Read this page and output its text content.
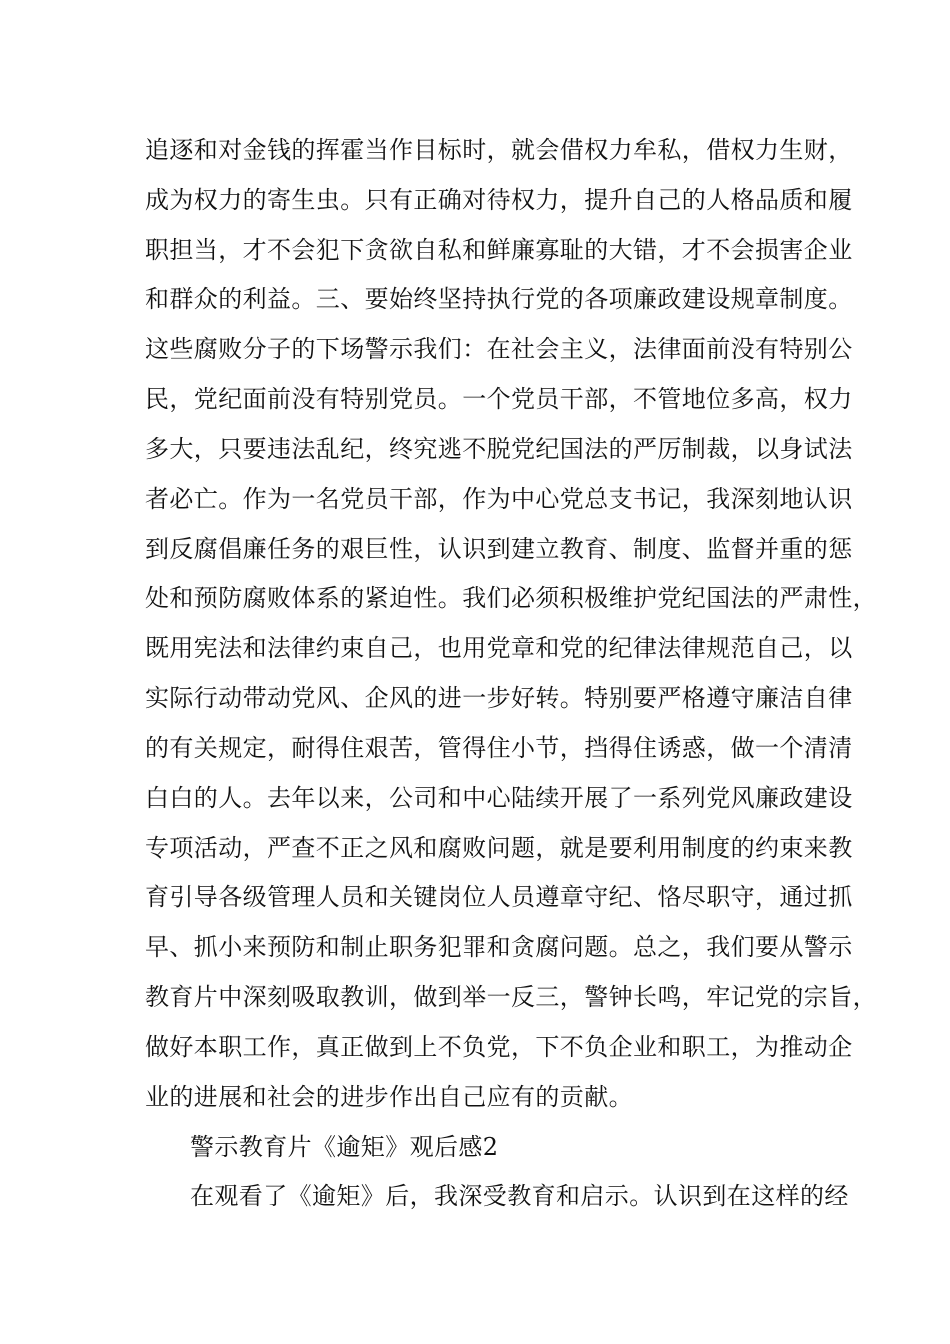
追逐和对金钱的挥霍当作目标时，就会借权力牟私，借权力生财，
成为权力的寄生虫。只有正确对待权力，提升自己的人格品质和履
职担当，才不会犯下贪欲自私和鲜廉寡耻的大错，才不会损害企业
和群众的利益。三、要始终坚持执行党的各项廉政建设规章制度。
这些腐败分子的下场警示我们：在社会主义，法律面前没有特别公
民，党纪面前没有特别党员。一个党员干部，不管地位多高，权力
多大，只要违法乱纪，终究逃不脱党纪国法的严厉制裁，以身试法
者必亡。作为一名党员干部，作为中心党总支书记，我深刻地认识
到反腐倡廉任务的艰巨性，认识到建立教育、制度、监督并重的惩
处和预防腐败体系的紧迫性。我们必须积极维护党纪国法的严肃性，
既用宪法和法律约束自己，也用党章和党的纪律法律规范自己，以
实际行动带动党风、企风的进一步好转。特别要严格遵守廉洁自律
的有关规定，耐得住艰苦，管得住小节，挡得住诱惑，做一个清清
白白的人。去年以来，公司和中心陆续开展了一系列党风廉政建设
专项活动，严查不正之风和腐败问题，就是要利用制度的约束来教
育引导各级管理人员和关键岗位人员遵章守纪、恪尽职守，通过抓
早、抓小来预防和制止职务犯罪和贪腐问题。总之，我们要从警示
教育片中深刻吸取教训，做到举一反三，警钟长鸣，牢记党的宗旨，
做好本职工作，真正做到上不负党，下不负企业和职工，为推动企
业的进展和社会的进步作出自己应有的贡献。
警示教育片《逾矩》观后感2
在观看了《逾矩》后，我深受教育和启示。认识到在这样的经
